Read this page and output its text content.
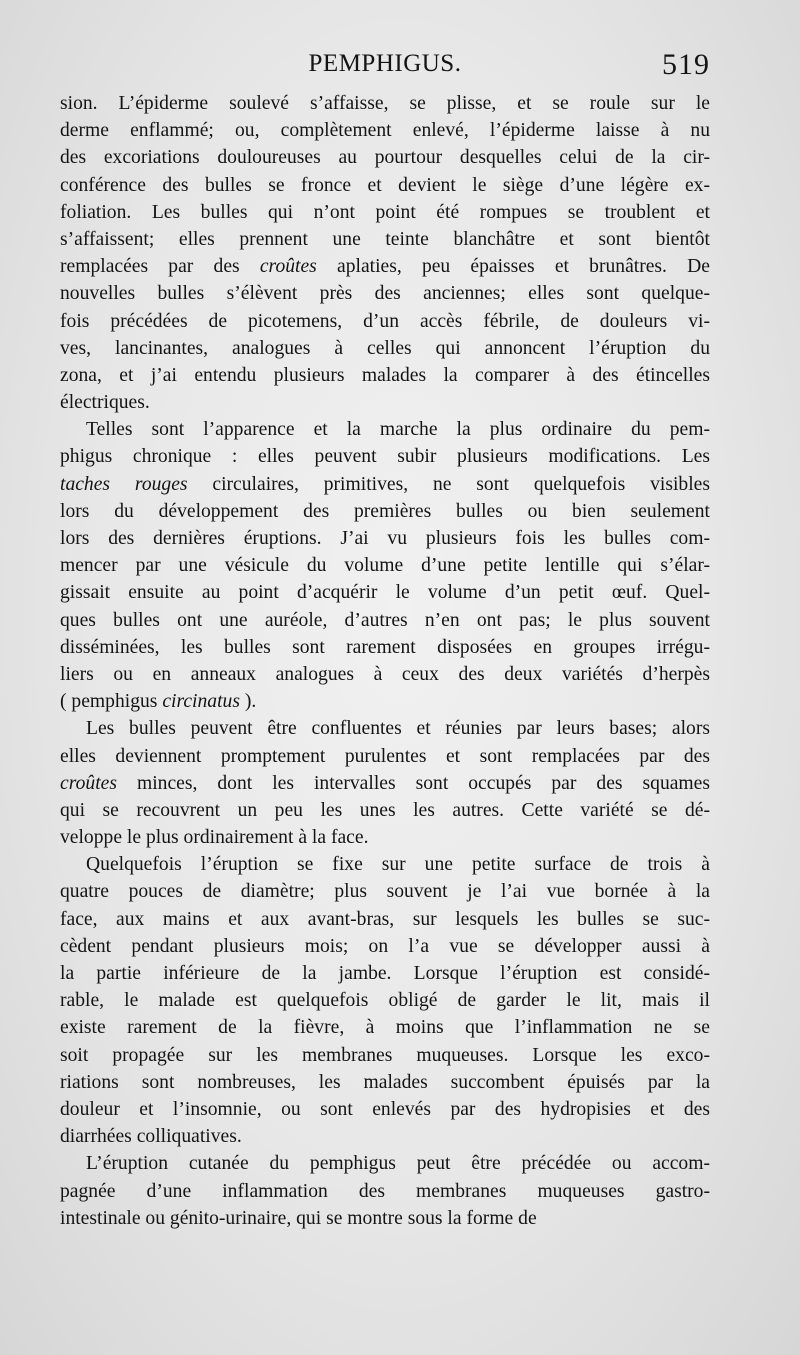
PEMPHIGUS.	519

sion. L’épiderme soulevé s’affaisse, se plisse, et se roule sur le
derme enflammé; ou, complètement enlevé, l’épiderme laisse à nu
des excoriations douloureuses au pourtour desquelles celui de la cir-
conférence des bulles se fronce et devient le siège d’une légère ex-
foliation. Les bulles qui n’ont point été rompues se troublent et
s’affaissent; elles prennent une teinte blanchâtre et sont bientôt
remplacées par des croûtes aplaties, peu épaisses et brunâtres. De
nouvelles bulles s’élèvent près des anciennes; elles sont quelque-
fois précédées de picotemens, d’un accès fébrile, de douleurs vi-
ves, lancinantes, analogues à celles qui annoncent l’éruption du
zona, et j’ai entendu plusieurs malades la comparer à des étincelles
électriques.

Telles sont l’apparence et la marche la plus ordinaire du pem-
phigus chronique : elles peuvent subir plusieurs modifications. Les
taches rouges circulaires, primitives, ne sont quelquefois visibles
lors du développement des premières bulles ou bien seulement
lors des dernières éruptions. J’ai vu plusieurs fois les bulles com-
mencer par une vésicule du volume d’une petite lentille qui s’élar-
gissait ensuite au point d’acquérir le volume d’un petit œuf. Quel-
ques bulles ont une auréole, d’autres n’en ont pas; le plus souvent
disséminées, les bulles sont rarement disposées en groupes irrégu-
liers ou en anneaux analogues à ceux des deux variétés d’herpès
( pemphigus circinatus ).

Les bulles peuvent être confluentes et réunies par leurs bases; alors
elles deviennent promptement purulentes et sont remplacées par des
croûtes minces, dont les intervalles sont occupés par des squames
qui se recouvrent un peu les unes les autres. Cette variété se dé-
veloppe le plus ordinairement à la face.

Quelquefois l’éruption se fixe sur une petite surface de trois à
quatre pouces de diamètre; plus souvent je l’ai vue bornée à la
face, aux mains et aux avant-bras, sur lesquels les bulles se suc-
cèdent pendant plusieurs mois; on l’a vue se développer aussi à
la partie inférieure de la jambe. Lorsque l’éruption est considé-
rable, le malade est quelquefois obligé de garder le lit, mais il
existe rarement de la fièvre, à moins que l’inflammation ne se
soit propagée sur les membranes muqueuses. Lorsque les exco-
riations sont nombreuses, les malades succombent épuisés par la
douleur et l’insomnie, ou sont enlevés par des hydropisies et des
diarrhées colliquatives.

L’éruption cutanée du pemphigus peut être précédée ou accom-
pagnée d’une inflammation des membranes muqueuses gastro-
intestinale ou génito-urinaire, qui se montre sous la forme de
